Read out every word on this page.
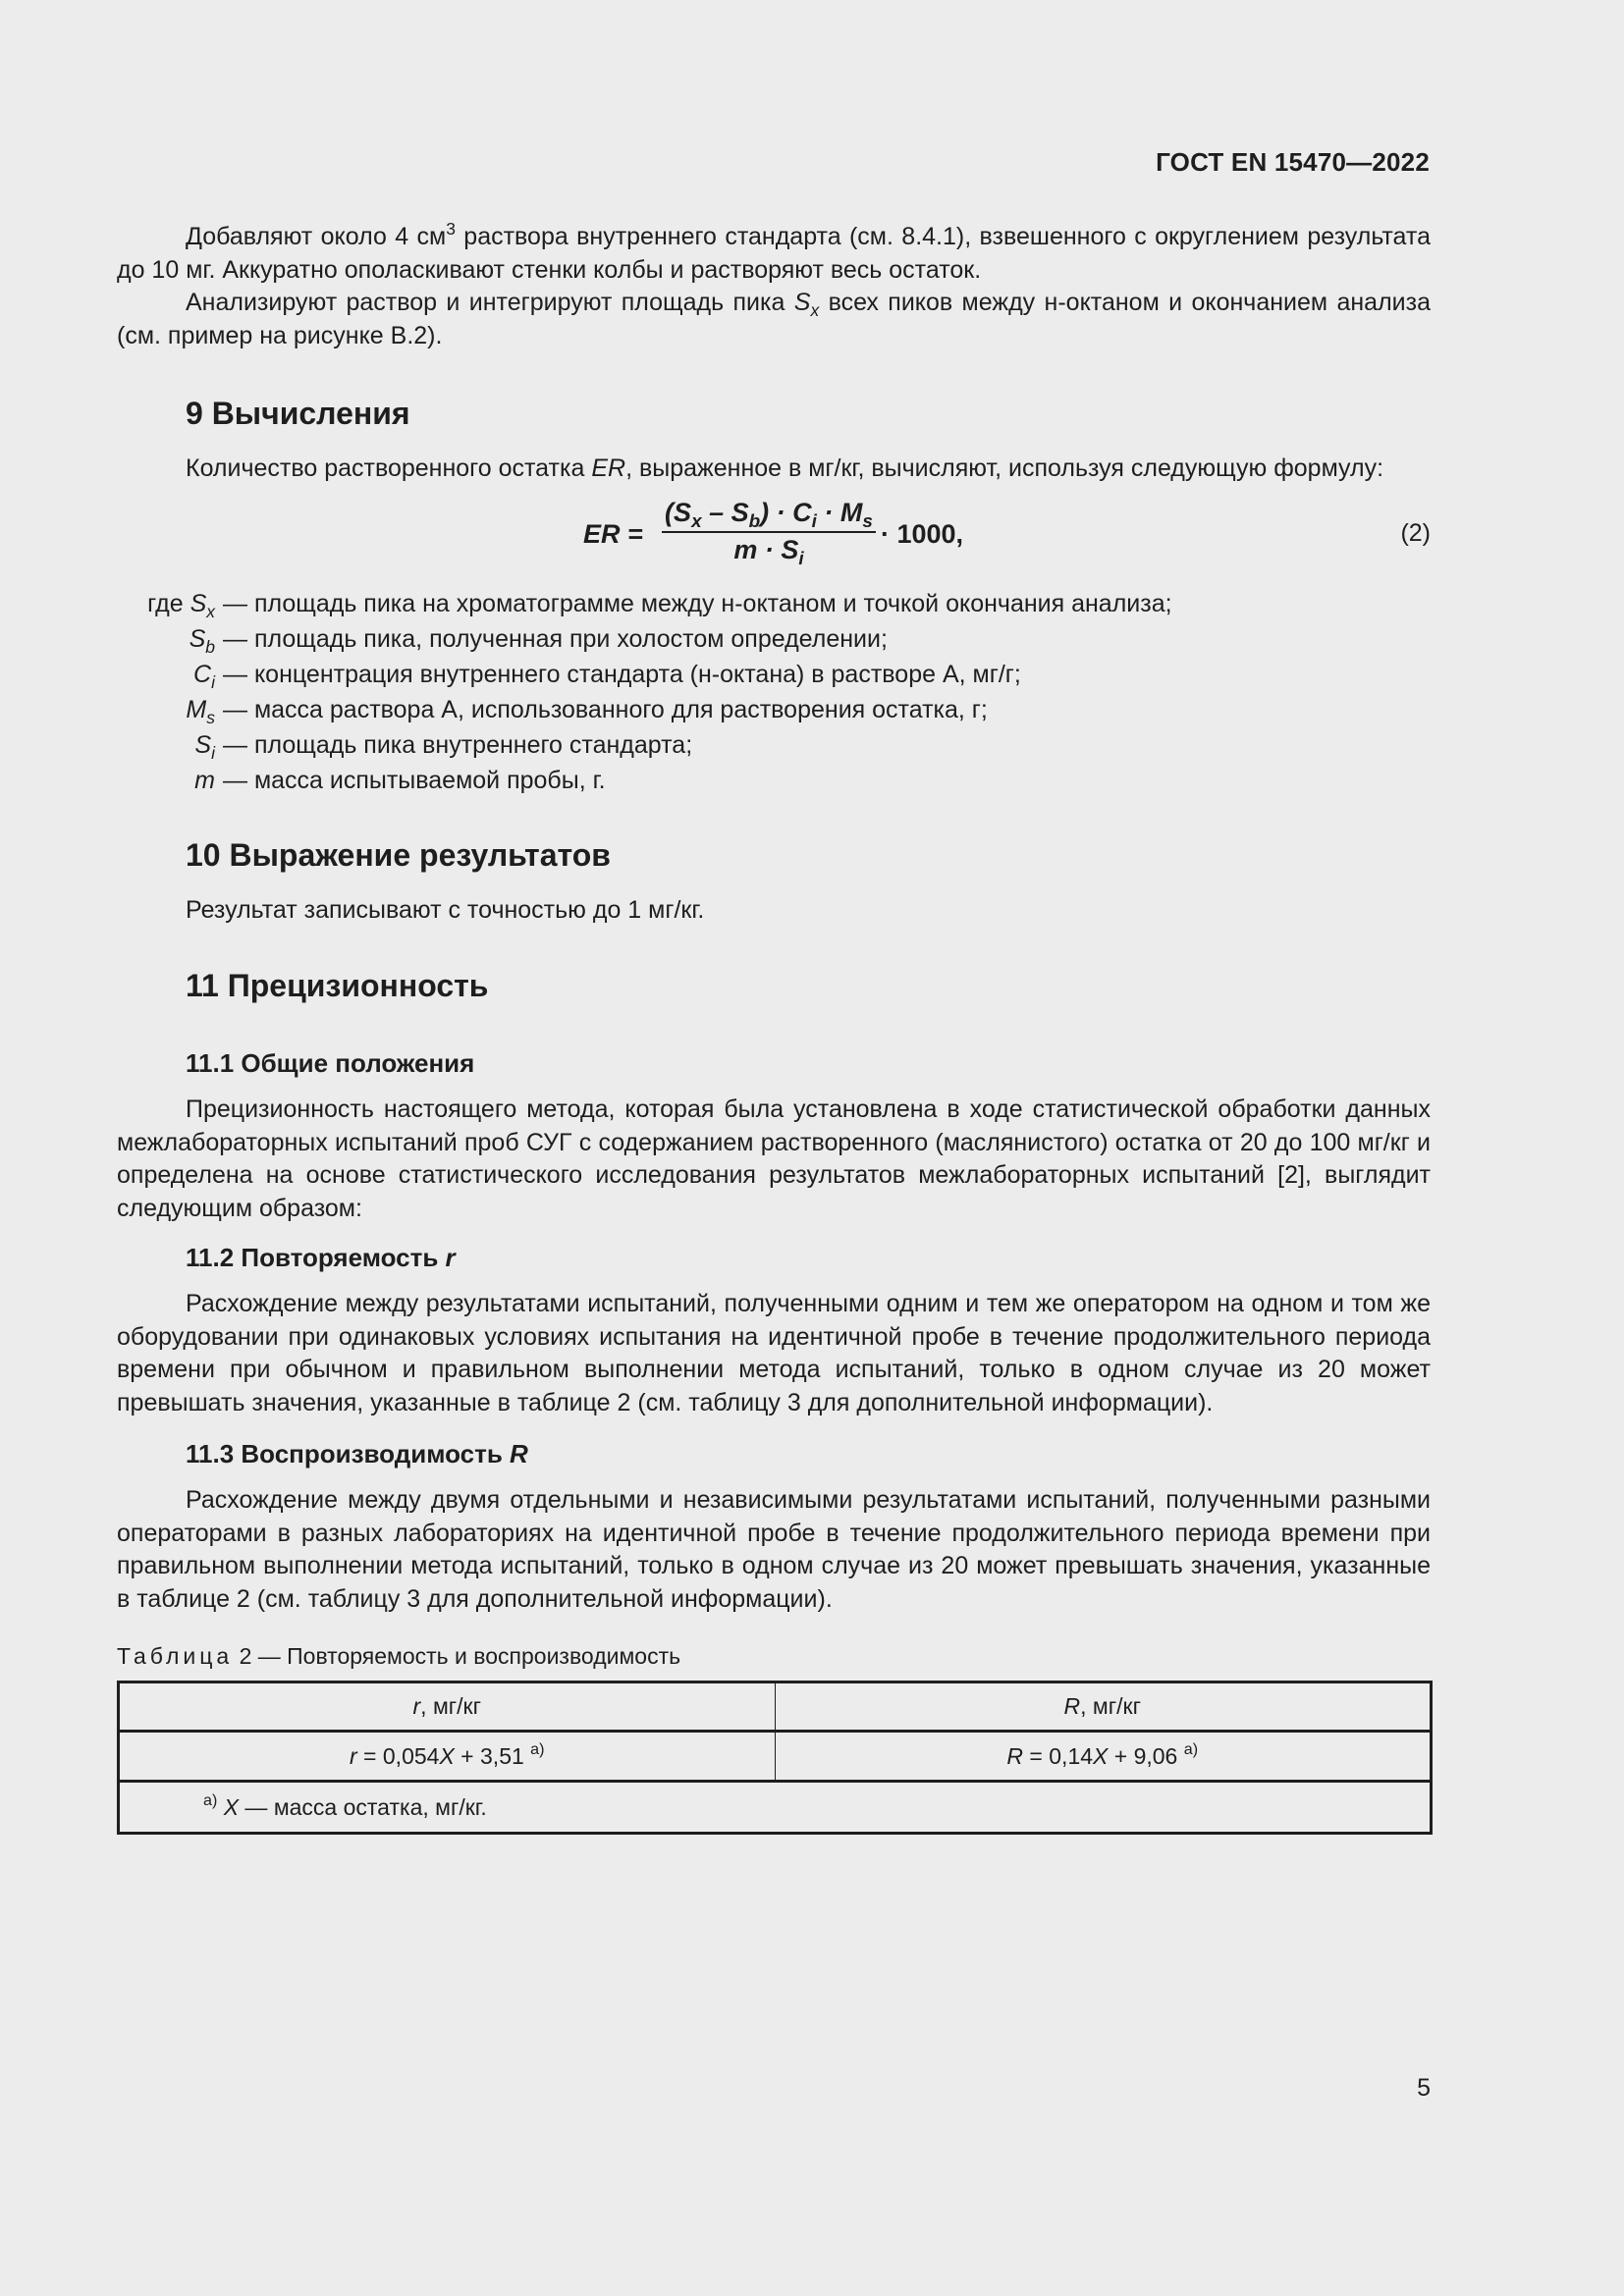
ГОСТ EN 15470—2022

Добавляют около 4 $см^3$ раствора внутреннего стандарта (см. 8.4.1), взвешенного с округлением результата до 10 мг. Аккуратно ополаскивают стенки колбы и растворяют весь остаток.

Анализируют раствор и интегрируют площадь пика $S_x$ всех пиков между н-октаном и окончанием анализа (см. пример на рисунке В.2).

9 Вычисления

Количество растворенного остатка ER, выраженное в мг/кг, вычисляют, используя следующую формулу:

ER = $\frac{(S_x - S_b) \cdot C_i \cdot M_s}{m \cdot S_i} \cdot 1000$,	(2)
где $S_x$ — площадь пика на хроматограмме между н-октаном и точкой окончания анализа;
$S_b$ — площадь пика, полученная при холостом определении;
$C_i$ — концентрация внутреннего стандарта (н-октана) в растворе А, мг/г;
$M_s$ — масса раствора А, использованного для растворения остатка, г;
$S_i$ — площадь пика внутреннего стандарта;
m — масса испытываемой пробы, г.
10 Выражение результатов

Результат записывают с точностью до 1 мг/кг.

11 Прецизионность
11.1 Общие положения

Прецизионность настоящего метода, которая была установлена в ходе статистической обработки данных межлабораторных испытаний проб СУГ с содержанием растворенного (маслянистого) остатка от 20 до 100 мг/кг и определена на основе статистического исследования результатов межлабораторных испытаний [2], выглядит следующим образом:

11.2 Повторяемость r

Расхождение между результатами испытаний, полученными одним и тем же оператором на одном и том же оборудовании при одинаковых условиях испытания на идентичной пробе в течение продолжительного периода времени при обычном и правильном выполнении метода испытаний, только в одном случае из 20 может превышать значения, указанные в таблице 2 (см. таблицу 3 для дополнительной информации).

11.3 Воспроизводимость R

Расхождение между двумя отдельными и независимыми результатами испытаний, полученными разными операторами в разных лабораториях на идентичной пробе в течение продолжительного периода времени при правильном выполнении метода испытаний, только в одном случае из 20 может превышать значения, указанные в таблице 2 (см. таблицу 3 для дополнительной информации).

Таблица 2 — Повторяемость и воспроизводимость
r, мг/кг	R, мг/кг
r = 0,054X + 3,51 $^{a)}$	R = 0,14X + 9,06 $^{a)}$
$^{a)}$ X — масса остатка, мг/кг.	
5
